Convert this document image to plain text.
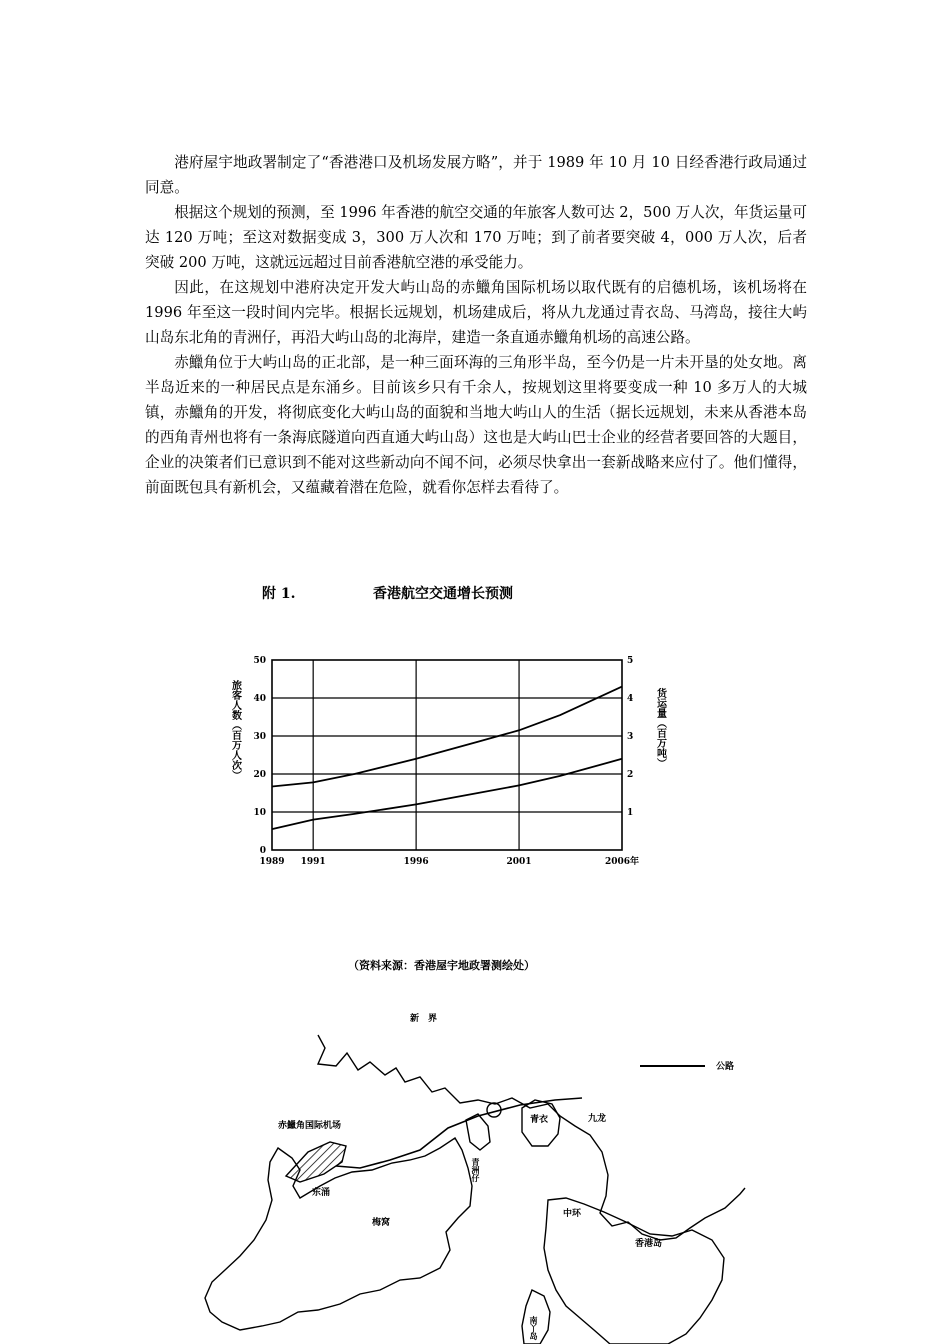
港府屋宇地政署制定了“香港港口及机场发展方略”，并于 1989 年 10 月 10 日经香港行政局通过同意。

根据这个规划的预测，至 1996 年香港的航空交通的年旅客人数可达 2，500 万人次，年货运量可达 120 万吨；至这对数据变成 3，300 万人次和 170 万吨；到了前者要突破 4，000 万人次，后者突破 200 万吨，这就远远超过目前香港航空港的承受能力。

因此，在这规划中港府决定开发大屿山岛的赤鱲角国际机场以取代既有的启德机场，该机场将在 1996 年至这一段时间内完毕。根据长远规划，机场建成后，将从九龙通过青衣岛、马湾岛，接往大屿山岛东北角的青洲仔，再沿大屿山岛的北海岸，建造一条直通赤鱲角机场的高速公路。

赤鱲角位于大屿山岛的正北部，是一种三面环海的三角形半岛，至今仍是一片未开垦的处女地。离半岛近来的一种居民点是东涌乡。目前该乡只有千余人，按规划这里将要变成一种 10 多万人的大城镇，赤鱲角的开发，将彻底变化大屿山岛的面貌和当地大屿山人的生活（据长远规划，未来从香港本岛的西角青州也将有一条海底隧道向西直通大屿山岛）这也是大屿山巴士企业的经营者要回答的大题目，企业的决策者们已意识到不能对这些新动向不闻不问，必须尽快拿出一套新战略来应付了。他们懂得，前面既包具有新机会，又蕴藏着潜在危险，就看你怎样去看待了。

附 1.	香港航空交通增长预测
0
10
20
30
40
50
1
2
3
4
5
1989 1991	1996	2001	2006年
旅客人数（百万人次）	货运量（百万吨）
（资料来源：香港屋宇地政署测绘处）
新　界
公路
赤鱲角国际机场
东涌
青衣	九龙
青洲仔
梅窝
中环
香港岛
南丫岛
